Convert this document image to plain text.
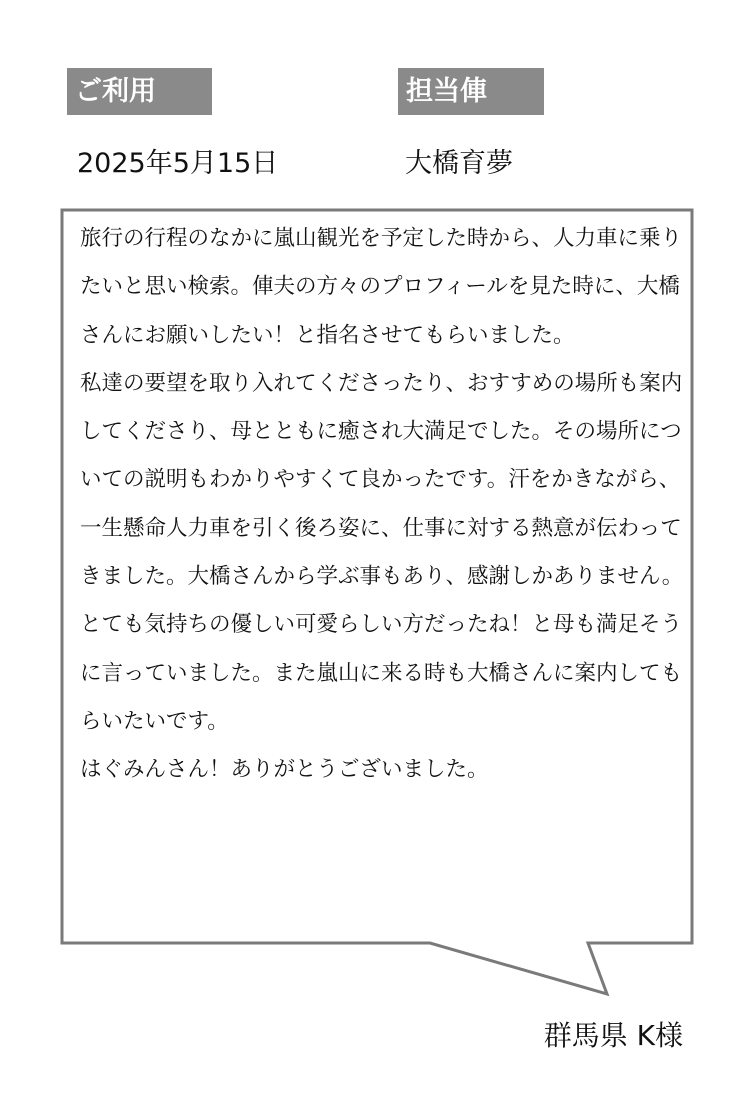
ご利用	担当俥
2025年5月15日	大橋育夢

旅行の行程のなかに嵐山観光を予定した時から、人力車に乗りたいと思い検索。俥夫の方々のプロフィールを見た時に、大橋さんにお願いしたい！と指名させてもらいました。

私達の要望を取り入れてくださったり、おすすめの場所も案内してくださり、母とともに癒され大満足でした。その場所についての説明もわかりやすくて良かったです。汗をかきながら、一生懸命人力車を引く後ろ姿に、仕事に対する熱意が伝わってきました。大橋さんから学ぶ事もあり、感謝しかありません。とても気持ちの優しい可愛らしい方だったね！と母も満足そうに言っていました。また嵐山に来る時も大橋さんに案内してもらいたいです。

はぐみんさん！ありがとうございました。

群馬県 K様
